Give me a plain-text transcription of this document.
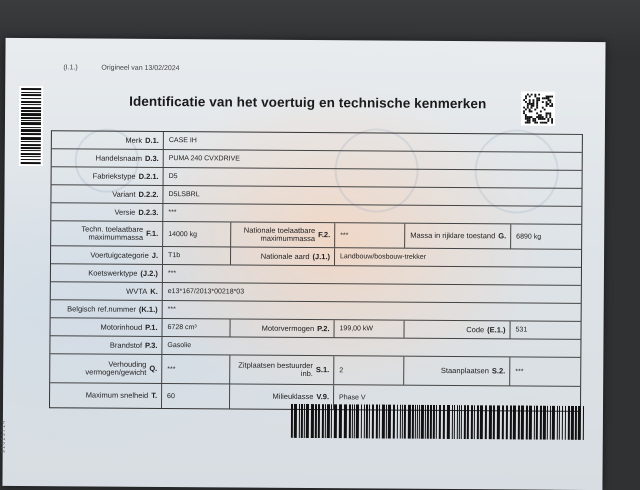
(I.1.)	Origineel van 13/02/2024
Identificatie van het voertuig en technische kenmerken
9 1 0 2 5 7 1 4
Merk D.1.	CASE IH
Handelsnaam D.3.	PUMA 240 CVXDRIVE
Fabriekstype D.2.1.	D5
Variant D.2.2.	D5LSBRL
Versie D.2.3.	***
Techn. toelaatbare maximummassa F.1.	14000 kg	Nationale toelaatbare maximummassa F.2.	***	Massa in rijklare toestand G.	6890 kg
Voertuigcategorie J.	T1b	Nationale aard (J.1.)	Landbouw/bosbouw-trekker
Koetswerktype (J.2.)	***
WVTA K.	e13*167/2013*00218*03
Belgisch ref.nummer (K.1.)	***
Motorinhoud P.1.	6728 cm³	Motorvermogen P.2.	199,00 kW	Code (E.1.)	531
Brandstof P.3.	Gasolie
Verhouding vermogen/gewicht Q.	***	Zitplaatsen bestuurder inb. S.1.	2	Staanplaatsen S.2.	***
Maximum snelheid T.	60	Milieuklasse V.9.	Phase V
